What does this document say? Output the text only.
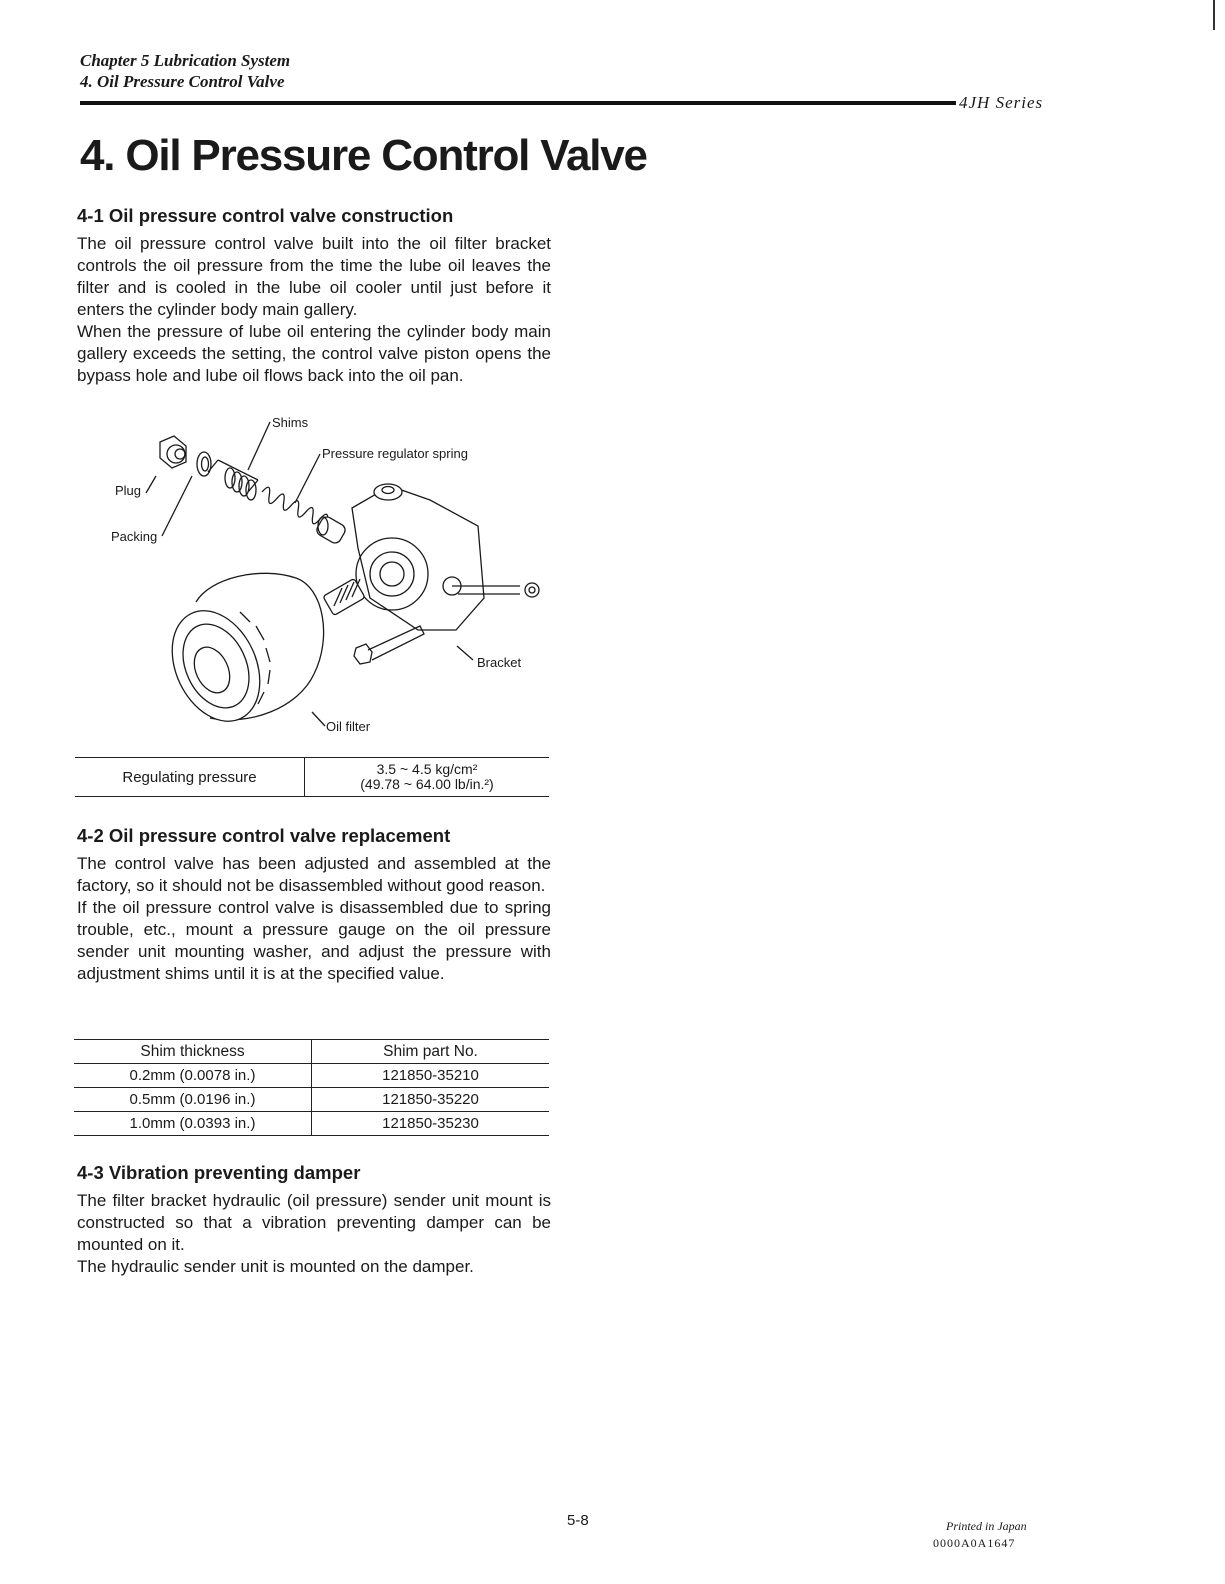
Chapter 5 Lubrication System
4. Oil Pressure Control Valve
4JH Series
4. Oil Pressure Control Valve
4-1 Oil pressure control valve construction

The oil pressure control valve built into the oil filter bracket controls the oil pressure from the time the lube oil leaves the filter and is cooled in the lube oil cooler until just before it enters the cylinder body main gallery.

When the pressure of lube oil entering the cylinder body main gallery exceeds the setting, the control valve piston opens the bypass hole and lube oil flows back into the oil pan.

Shims
Pressure regulator spring
Plug
Packing
Bracket
Oil filter
Regulating pressure	3.5 ~ 4.5 kg/cm²
(49.78 ~ 64.00 lb/in.²)
4-2 Oil pressure control valve replacement

The control valve has been adjusted and assembled at the factory, so it should not be disassembled without good reason.

If the oil pressure control valve is disassembled due to spring trouble, etc., mount a pressure gauge on the oil pressure sender unit mounting washer, and adjust the pressure with adjustment shims until it is at the specified value.

Shim thickness	Shim part No.
0.2mm (0.0078 in.)	121850-35210
0.5mm (0.0196 in.)	121850-35220
1.0mm (0.0393 in.)	121850-35230
4-3 Vibration preventing damper

The filter bracket hydraulic (oil pressure) sender unit mount is constructed so that a vibration preventing damper can be mounted on it.

The hydraulic sender unit is mounted on the damper.

5-8	Printed in Japan
0000A0A1647
